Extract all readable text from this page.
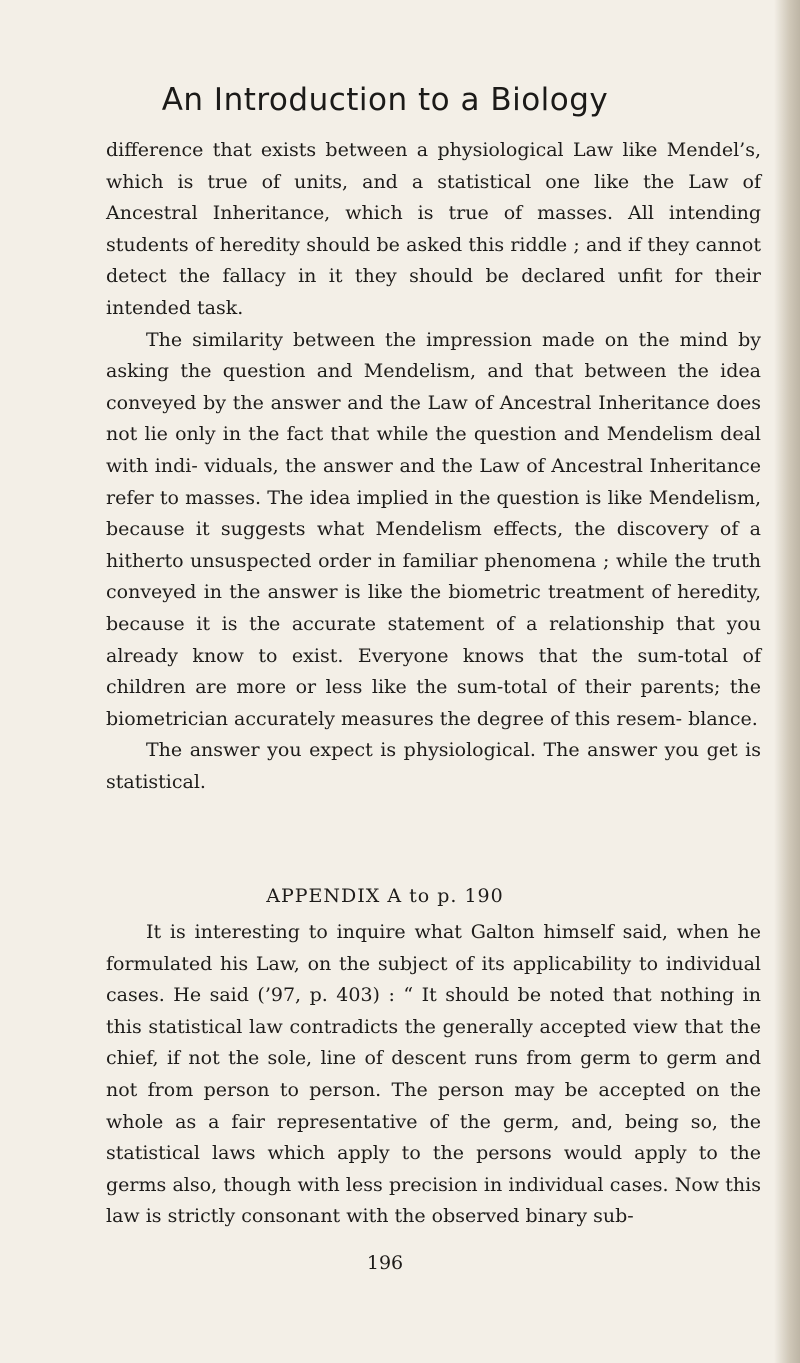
An Introduction to a Biology

difference that exists between a physiological Law like Mendel’s, which is true of units, and a statistical one like the Law of Ancestral Inheritance, which is true of masses. All intending students of heredity should be asked this riddle ; and if they cannot detect the fallacy in it they should be declared unfit for their intended task.

The similarity between the impression made on the mind by asking the question and Mendelism, and that between the idea conveyed by the answer and the Law of Ancestral Inheritance does not lie only in the fact that while the question and Mendelism deal with indi- viduals, the answer and the Law of Ancestral Inheritance refer to masses. The idea implied in the question is like Mendelism, because it suggests what Mendelism effects, the discovery of a hitherto unsuspected order in familiar phenomena ; while the truth conveyed in the answer is like the biometric treatment of heredity, because it is the accurate statement of a relationship that you already know to exist. Everyone knows that the sum-total of children are more or less like the sum-total of their parents; the biometrician accurately measures the degree of this resem- blance.

The answer you expect is physiological. The answer you get is statistical.

APPENDIX A to p. 190

It is interesting to inquire what Galton himself said, when he formulated his Law, on the subject of its applicability to individual cases. He said (’97, p. 403) : “ It should be noted that nothing in this statistical law contradicts the generally accepted view that the chief, if not the sole, line of descent runs from germ to germ and not from person to person. The person may be accepted on the whole as a fair representative of the germ, and, being so, the statistical laws which apply to the persons would apply to the germs also, though with less precision in individual cases. Now this law is strictly consonant with the observed binary sub-

196
